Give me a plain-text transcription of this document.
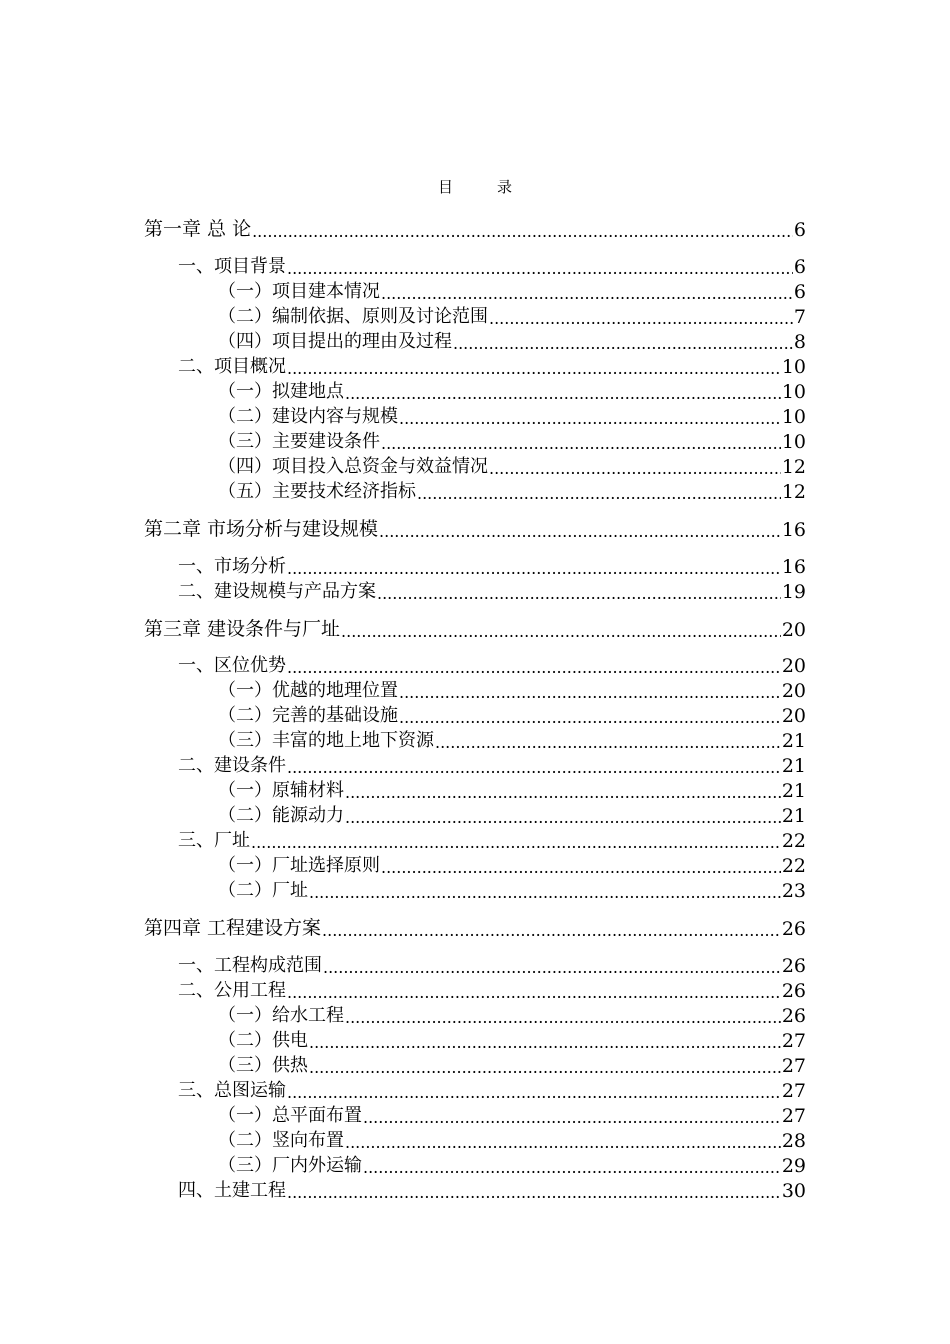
目	录
第一章 总 论 .....	6
一、项目背景 .....	6
（一）项目建本情况 .....	6
（二）编制依据、原则及讨论范围 .....	7
（四）项目提出的理由及过程 .....	8
二、项目概况 .....	10
（一）拟建地点 .....	10
（二）建设内容与规模 .....	10
（三）主要建设条件 .....	10
（四）项目投入总资金与效益情况 .....	12
（五）主要技术经济指标 .....	12
第二章 市场分析与建设规模 .....	16
一、市场分析 .....	16
二、建设规模与产品方案 .....	19
第三章 建设条件与厂址 .....	20
一、区位优势 .....	20
（一）优越的地理位置 .....	20
（二）完善的基础设施 .....	20
（三）丰富的地上地下资源 .....	21
二、建设条件 .....	21
（一）原辅材料 .....	21
（二）能源动力 .....	21
三、厂址 .....	22
（一）厂址选择原则 .....	22
（二）厂址 .....	23
第四章 工程建设方案 .....	26
一、工程构成范围 .....	26
二、公用工程 .....	26
（一）给水工程 .....	26
（二）供电 .....	27
（三）供热 .....	27
三、总图运输 .....	27
（一）总平面布置 .....	27
（二）竖向布置 .....	28
（三）厂内外运输 .....	29
四、土建工程 .....	30
